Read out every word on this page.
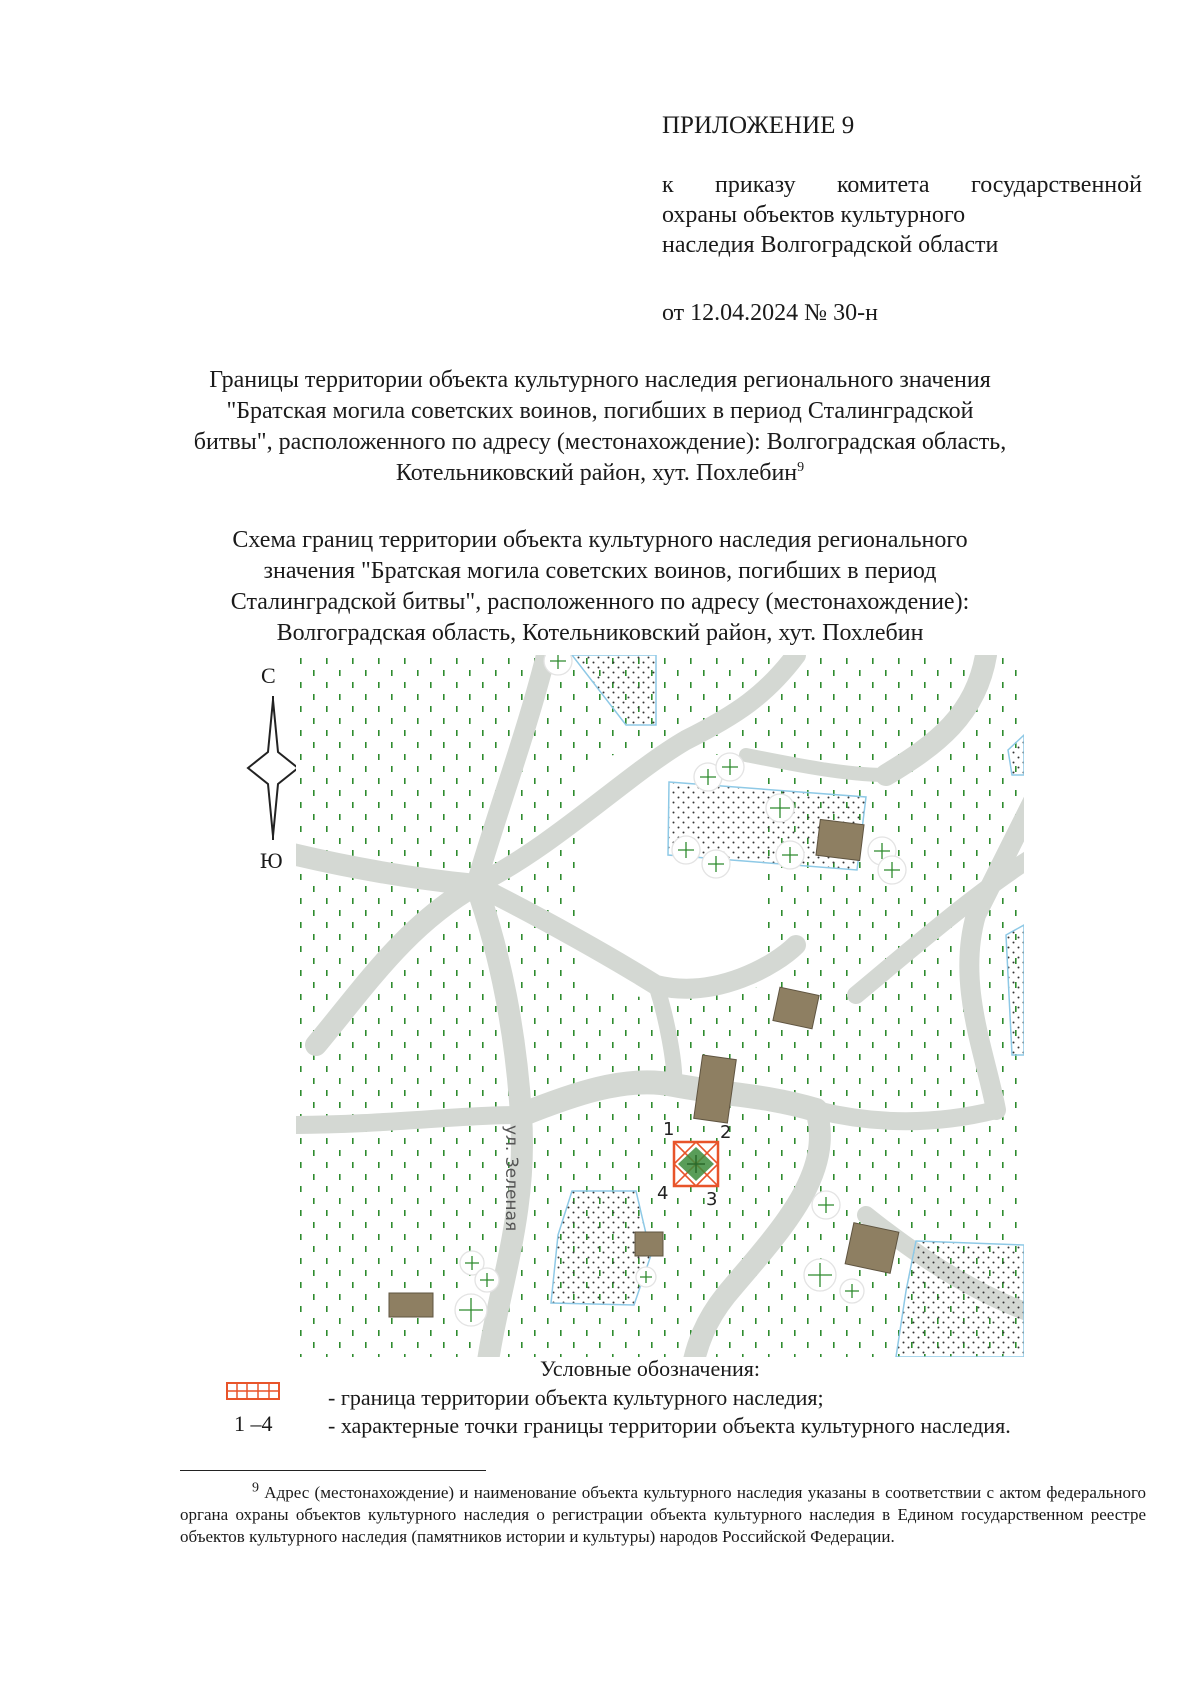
ПРИЛОЖЕНИЕ 9
к приказу комитета государственной
охраны объектов культурного
наследия Волгоградской области
от 12.04.2024 № 30-н
Границы территории объекта культурного наследия регионального значения
"Братская могила советских воинов, погибших в период Сталинградской
битвы", расположенного по адресу (местонахождение): Волгоградская область,
Котельниковский район, хут. Похлебин$^9$
Схема границ территории объекта культурного наследия регионального
значения "Братская могила советских воинов, погибших в период
Сталинградской битвы", расположенного по адресу (местонахождение):
Волгоградская область, Котельниковский район, хут. Похлебин
С
Ю
1	2
3
4
ул. Зеленая
Условные обозначения:
- граница территории объекта культурного наследия;
1 –4	- характерные точки границы территории объекта культурного наследия.
$^9$ Адрес (местонахождение) и наименование объекта культурного наследия указаны в соответствии с актом федерального органа охраны объектов культурного наследия о регистрации объекта культурного наследия в Едином государственном реестре объектов культурного наследия (памятников истории и культуры) народов Российской Федерации.
